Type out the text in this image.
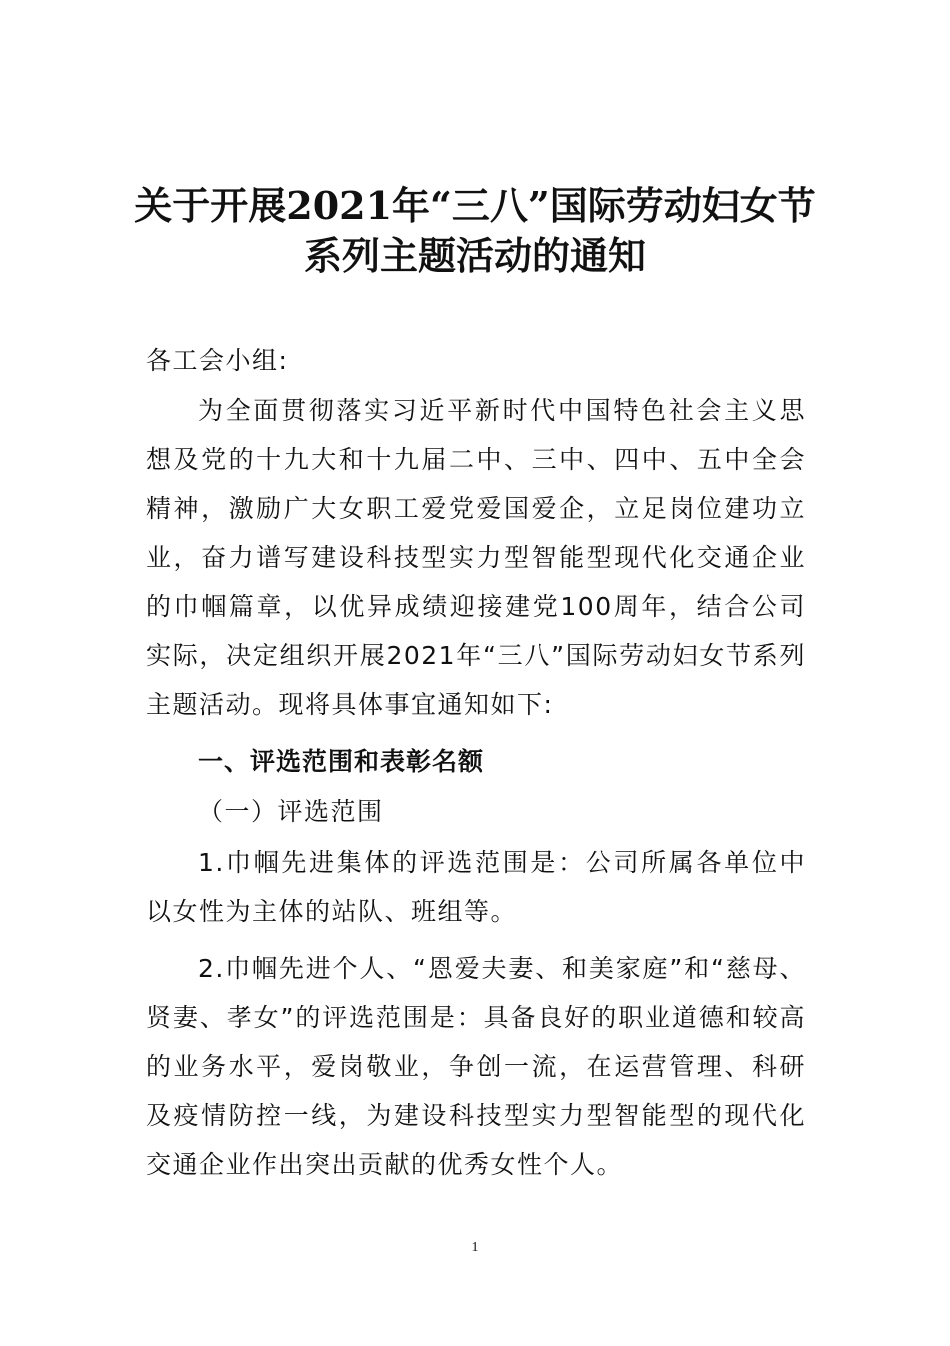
关于开展2021年“三八”国际劳动妇女节
系列主题活动的通知
各工会小组:
为全面贯彻落实习近平新时代中国特色社会主义思想及党的十九大和十九届二中、三中、四中、五中全会精神，激励广大女职工爱党爱国爱企，立足岗位建功立业，奋力谱写建设科技型实力型智能型现代化交通企业的巾帼篇章，以优异成绩迎接建党100周年，结合公司实际，决定组织开展2021年“三八”国际劳动妇女节系列主题活动。现将具体事宜通知如下:
一、评选范围和表彰名额
（一）评选范围
1.巾帼先进集体的评选范围是：公司所属各单位中以女性为主体的站队、班组等。
2.巾帼先进个人、“恩爱夫妻、和美家庭”和“慈母、贤妻、孝女”的评选范围是：具备良好的职业道德和较高的业务水平，爱岗敬业，争创一流，在运营管理、科研及疫情防控一线，为建设科技型实力型智能型的现代化交通企业作出突出贡献的优秀女性个人。
1
